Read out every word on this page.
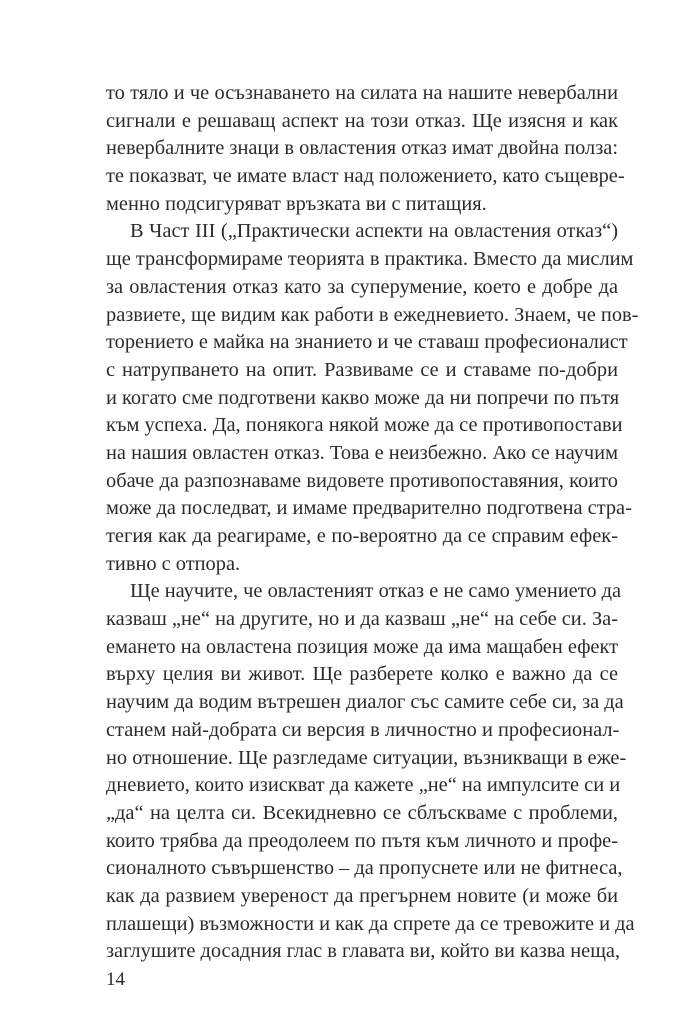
то тяло и че осъзнаването на силата на нашите невербални
сигнали е решаващ аспект на този отказ. Ще изясня и как
невербалните знаци в овластения отказ имат двойна полза:
те показват, че имате власт над положението, като същевре-
менно подсигуряват връзката ви с питащия.
В Част III („Практически аспекти на овластения отказ“)
ще трансформираме теорията в практика. Вместо да мислим
за овластения отказ като за суперумение, което е добре да
развиете, ще видим как работи в ежедневието. Знаем, че пов-
торението е майка на знанието и че ставаш професионалист
с натрупването на опит. Развиваме се и ставаме по-добри
и когато сме подготвени какво може да ни попречи по пътя
към успеха. Да, понякога някой може да се противопостави
на нашия овластен отказ. Това е неизбежно. Ако се научим
обаче да разпознаваме видовете противопоставяния, които
може да последват, и имаме предварително подготвена стра-
тегия как да реагираме, е по-вероятно да се справим ефек-
тивно с отпора.
Ще научите, че овластеният отказ е не само умението да
казваш „не“ на другите, но и да казваш „не“ на себе си. За-
емането на овластена позиция може да има мащабен ефект
върху целия ви живот. Ще разберете колко е важно да се
научим да водим вътрешен диалог със самите себе си, за да
станем най-добрата си версия в личностно и професионал-
но отношение. Ще разгледаме ситуации, възникващи в еже-
дневието, които изискват да кажете „не“ на импулсите си и
„да“ на целта си. Всекидневно се сблъскваме с проблеми,
които трябва да преодолеем по пътя към личното и профе-
сионалното съвършенство – да пропуснете или не фитнеса,
как да развием увереност да прегърнем новите (и може би
плашещи) възможности и как да спрете да се тревожите и да
заглушите досадния глас в главата ви, който ви казва неща,
14
